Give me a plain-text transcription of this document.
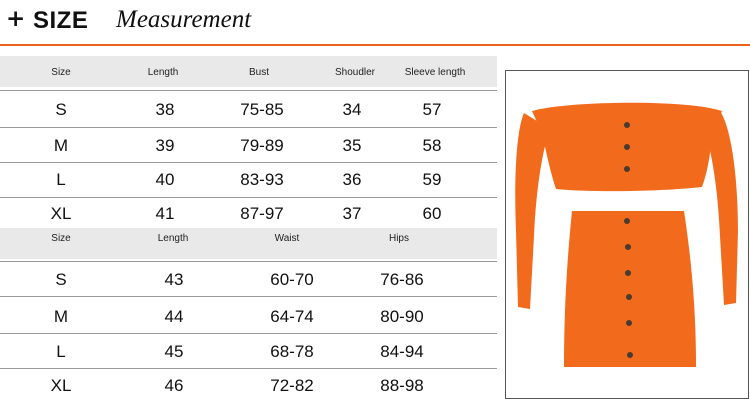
+ SIZE Measurement
Size	Length	Bust	Shoudler	Sleeve length
S	38	75-85	34	57
M	39	79-89	35	58
L	40	83-93	36	59
XL	41	87-97	37	60
Size	Length	Waist	Hips
S	43	60-70	76-86
M	44	64-74	80-90
L	45	68-78	84-94
XL	46	72-82	88-98
